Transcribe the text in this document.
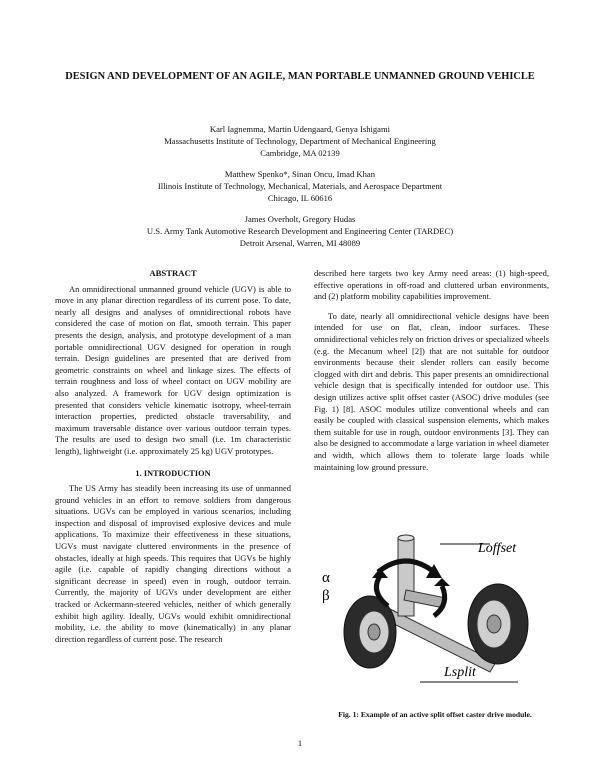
DESIGN AND DEVELOPMENT OF AN AGILE, MAN PORTABLE UNMANNED GROUND VEHICLE
Karl Iagnemma, Martin Udengaard, Genya Ishigami
Massachusetts Institute of Technology, Department of Mechanical Engineering
Cambridge, MA 02139
Matthew Spenko*, Sinan Oncu, Imad Khan
Illinois Institute of Technology, Mechanical, Materials, and Aerospace Department
Chicago, IL 60616
James Overholt, Gregory Hudas
U.S. Army Tank Automotive Research Development and Engineering Center (TARDEC)
Detroit Arsenal, Warren, MI 48089
ABSTRACT

An omnidirectional unmanned ground vehicle (UGV) is able to move in any planar direction regardless of its current pose. To date, nearly all designs and analyses of omnidirectional robots have considered the case of motion on flat, smooth terrain. This paper presents the design, analysis, and prototype development of a man portable omnidirectional UGV designed for operation in rough terrain. Design guidelines are presented that are derived from geometric constraints on wheel and linkage sizes. The effects of terrain roughness and loss of wheel contact on UGV mobility are also analyzed. A framework for UGV design optimization is presented that considers vehicle kinematic isotropy, wheel-terrain interaction properties, predicted obstacle traversability, and maximum traversable distance over various outdoor terrain types. The results are used to design two small (i.e. 1m characteristic length), lightweight (i.e. approximately 25 kg) UGV prototypes.

1. INTRODUCTION

The US Army has steadily been increasing its use of unmanned ground vehicles in an effort to remove soldiers from dangerous situations. UGVs can be employed in various scenarios, including inspection and disposal of improvised explosive devices and mule applications. To maximize their effectiveness in these situations, UGVs must navigate cluttered environments in the presence of obstacles, ideally at high speeds. This requires that UGVs be highly agile (i.e. capable of rapidly changing directions without a significant decrease in speed) even in rough, outdoor terrain. Currently, the majority of UGVs under development are either tracked or Ackermann-steered vehicles, neither of which generally exhibit high agility. Ideally, UGVs would exhibit omnidirectional mobility, i.e. the ability to move (kinematically) in any planar direction regardless of current pose. The research

described here targets two key Army need areas: (1) high-speed, effective operations in off-road and cluttered urban environments, and (2) platform mobility capabilities improvement.

To date, nearly all omnidirectional vehicle designs have been intended for use on flat, clean, indoor surfaces. These omnidirectional vehicles rely on friction drives or specialized wheels (e.g. the Mecanum wheel [2]) that are not suitable for outdoor environments because their slender rollers can easily become clogged with dirt and debris. This paper presents an omnidirectional vehicle design that is specifically intended for outdoor use. This design utilizes active split offset caster (ASOC) drive modules (see Fig. 1) [8]. ASOC modules utilize conventional wheels and can easily be coupled with classical suspension elements, which makes them suitable for use in rough, outdoor environments [3]. They can also be designed to accommodate a large variation in wheel diameter and width, which allows them to tolerate large loads while maintaining low ground pressure.

Loffset
Lsplit
α
β
Fig. 1: Example of an active split offset caster drive module.
1
